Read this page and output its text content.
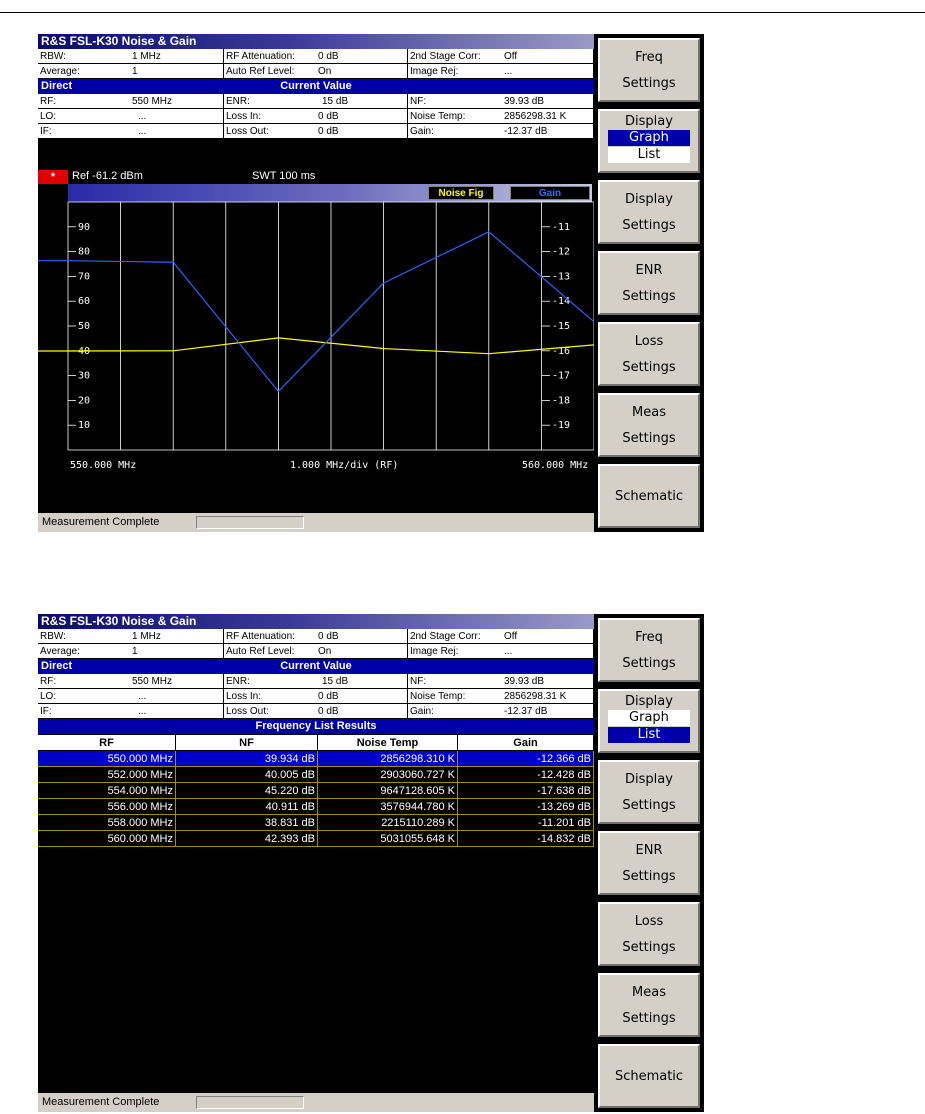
R&S FSL-K30 Noise & Gain
RBW:	1 MHz	RF Attenuation: 0 dB	2nd Stage Corr: Off
Average:	1	Auto Ref Level: On	Image Rej:	...
Current Value
Direct
RF:	550 MHz	ENR:	15 dB	NF:	39.93 dB
LO:	...	Loss In:	0 dB	Noise Temp:	2856298.31 K
IF:	...	Loss Out:	0 dB	Gain:	-12.37 dB
*	Ref -61.2 dBm	SWT 100 ms
Noise Fig	Gain
10
20
30
40
50
60
70
80
90
-19
-18
-17
-16
-15
-14
-13
-12
-11
550.000 MHz	1.000 MHz/div (RF)	560.000 MHz
Freq
Settings
Display
Graph
List
Display
Settings
ENR
Settings
Loss
Settings
Meas
Settings
Schematic
Measurement Complete
R&S FSL-K30 Noise & Gain
RBW:	1 MHz	RF Attenuation: 0 dB	2nd Stage Corr: Off
Average:	1	Auto Ref Level: On	Image Rej:	...
Current Value
Direct
RF:	550 MHz	ENR:	15 dB	NF:	39.93 dB
LO:	...	Loss In:	0 dB	Noise Temp:	2856298.31 K
IF:	...	Loss Out:	0 dB	Gain:	-12.37 dB
Frequency List Results
RF	NF	Noise Temp	Gain
550.000 MHz	39.934 dB	2856298.310 K	-12.366 dB
552.000 MHz	40.005 dB	2903060.727 K	-12.428 dB
554.000 MHz	45.220 dB	9647128.605 K	-17.638 dB
556.000 MHz	40.911 dB	3576944.780 K	-13.269 dB
558.000 MHz	38.831 dB	2215110.289 K	-11.201 dB
560.000 MHz	42.393 dB	5031055.648 K	-14.832 dB
Freq
Settings
Display
Graph
List
Display
Settings
ENR
Settings
Loss
Settings
Meas
Settings
Schematic
Measurement Complete
